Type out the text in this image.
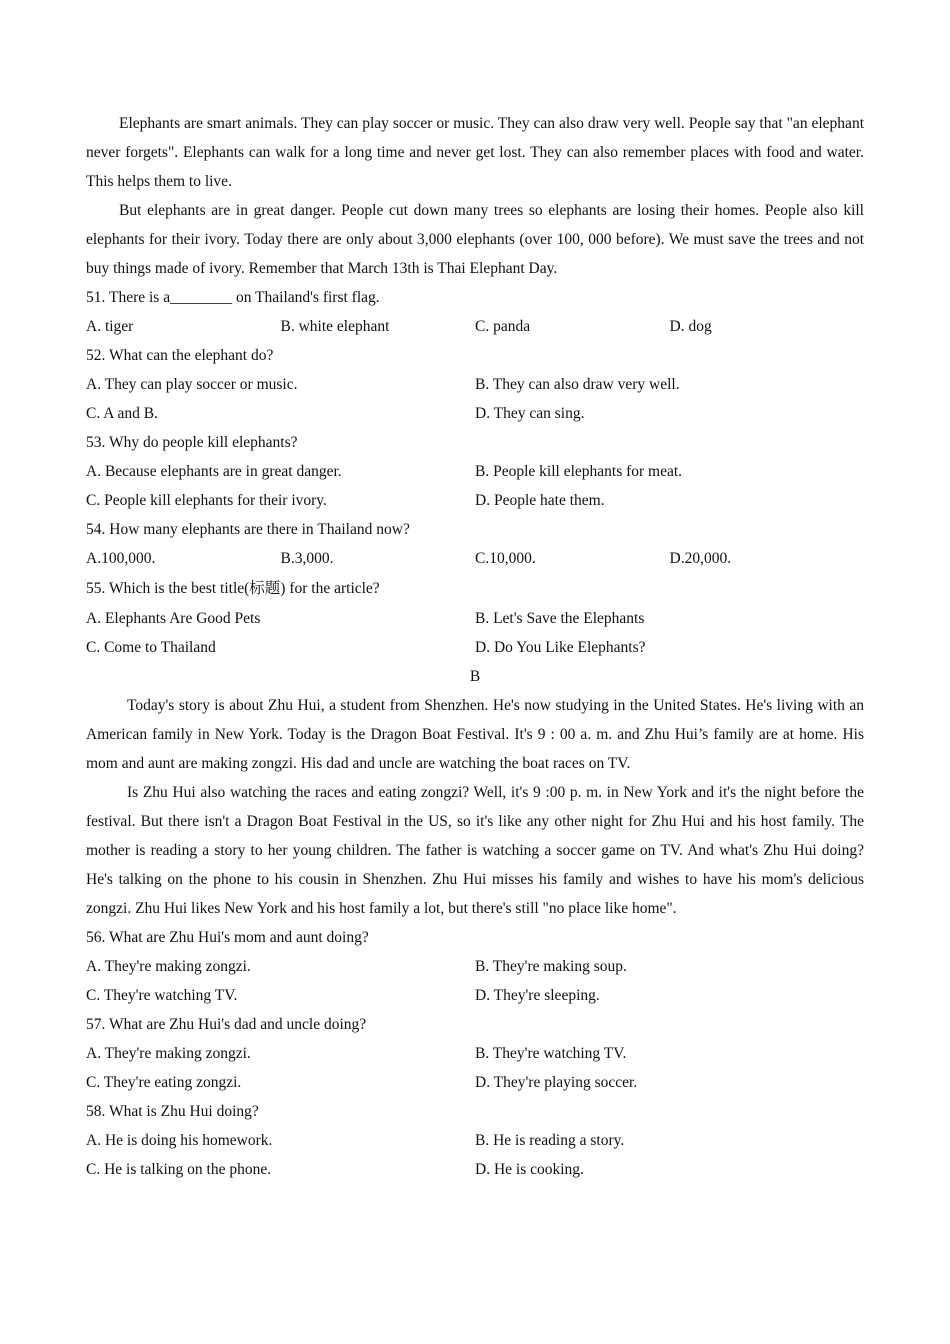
Elephants are smart animals. They can play soccer or music. They can also draw very well. People say that "an elephant never forgets". Elephants can walk for a long time and never get lost. They can also remember places with food and water. This helps them to live.

But elephants are in great danger. People cut down many trees so elephants are losing their homes. People also kill elephants for their ivory. Today there are only about 3,000 elephants (over 100, 000 before). We must save the trees and not buy things made of ivory. Remember that March 13th is Thai Elephant Day.

51. There is a________ on Thailand's first flag.

A. tiger	B. white elephant	C. panda	D. dog

52. What can the elephant do?

A. They can play soccer or music.	B. They can also draw very well.
C. A and B.	D. They can sing.

53. Why do people kill elephants?

A. Because elephants are in great danger.	B. People kill elephants for meat.
C. People kill elephants for their ivory.	D. People hate them.

54. How many elephants are there in Thailand now?

A.100,000.	B.3,000.	C.10,000.	D.20,000.

55. Which is the best title(标题) for the article?

A. Elephants Are Good Pets	B. Let's Save the Elephants
C. Come to Thailand	D. Do You Like Elephants?

B

Today's story is about Zhu Hui, a student from Shenzhen. He's now studying in the United States. He's living with an American family in New York. Today is the Dragon Boat Festival. It's 9 : 00 a. m. and Zhu Hui’s family are at home. His mom and aunt are making zongzi. His dad and uncle are watching the boat races on TV.

Is Zhu Hui also watching the races and eating zongzi? Well, it's 9 :00 p. m. in New York and it's the night before the festival. But there isn't a Dragon Boat Festival in the US, so it's like any other night for Zhu Hui and his host family. The mother is reading a story to her young children. The father is watching a soccer game on TV. And what's Zhu Hui doing? He's talking on the phone to his cousin in Shenzhen. Zhu Hui misses his family and wishes to have his mom's delicious zongzi. Zhu Hui likes New York and his host family a lot, but there's still "no place like home".

56. What are Zhu Hui's mom and aunt doing?

A. They're making zongzi.	B. They're making soup.
C. They're watching TV.	D. They're sleeping.

57. What are Zhu Hui's dad and uncle doing?

A. They're making zongzi.	B. They're watching TV.
C. They're eating zongzi.	D. They're playing soccer.

58. What is Zhu Hui doing?

A. He is doing his homework.	B. He is reading a story.
C. He is talking on the phone.	D. He is cooking.
